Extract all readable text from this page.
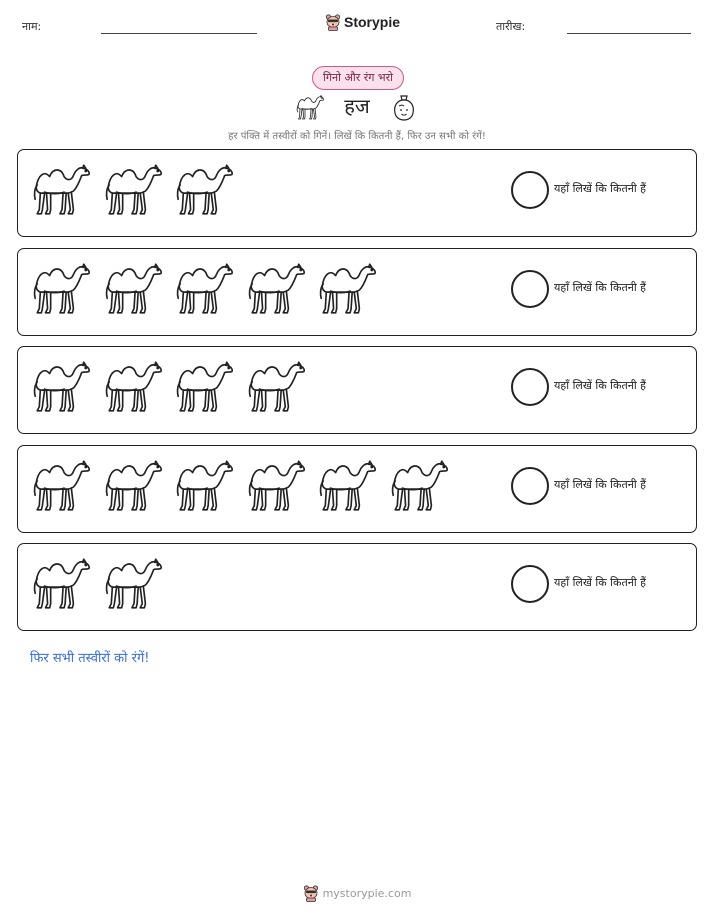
नाम:	Storypie	तारीख:
गिनो और रंग भरो
हज
हर पंक्ति में तस्वीरों को गिनें। लिखें कि कितनी हैं, फिर उन सभी को रंगें!
यहाँ लिखें कि कितनी हैं
यहाँ लिखें कि कितनी हैं
यहाँ लिखें कि कितनी हैं
यहाँ लिखें कि कितनी हैं
यहाँ लिखें कि कितनी हैं
फिर सभी तस्वीरों को रंगें!
mystorypie.com
